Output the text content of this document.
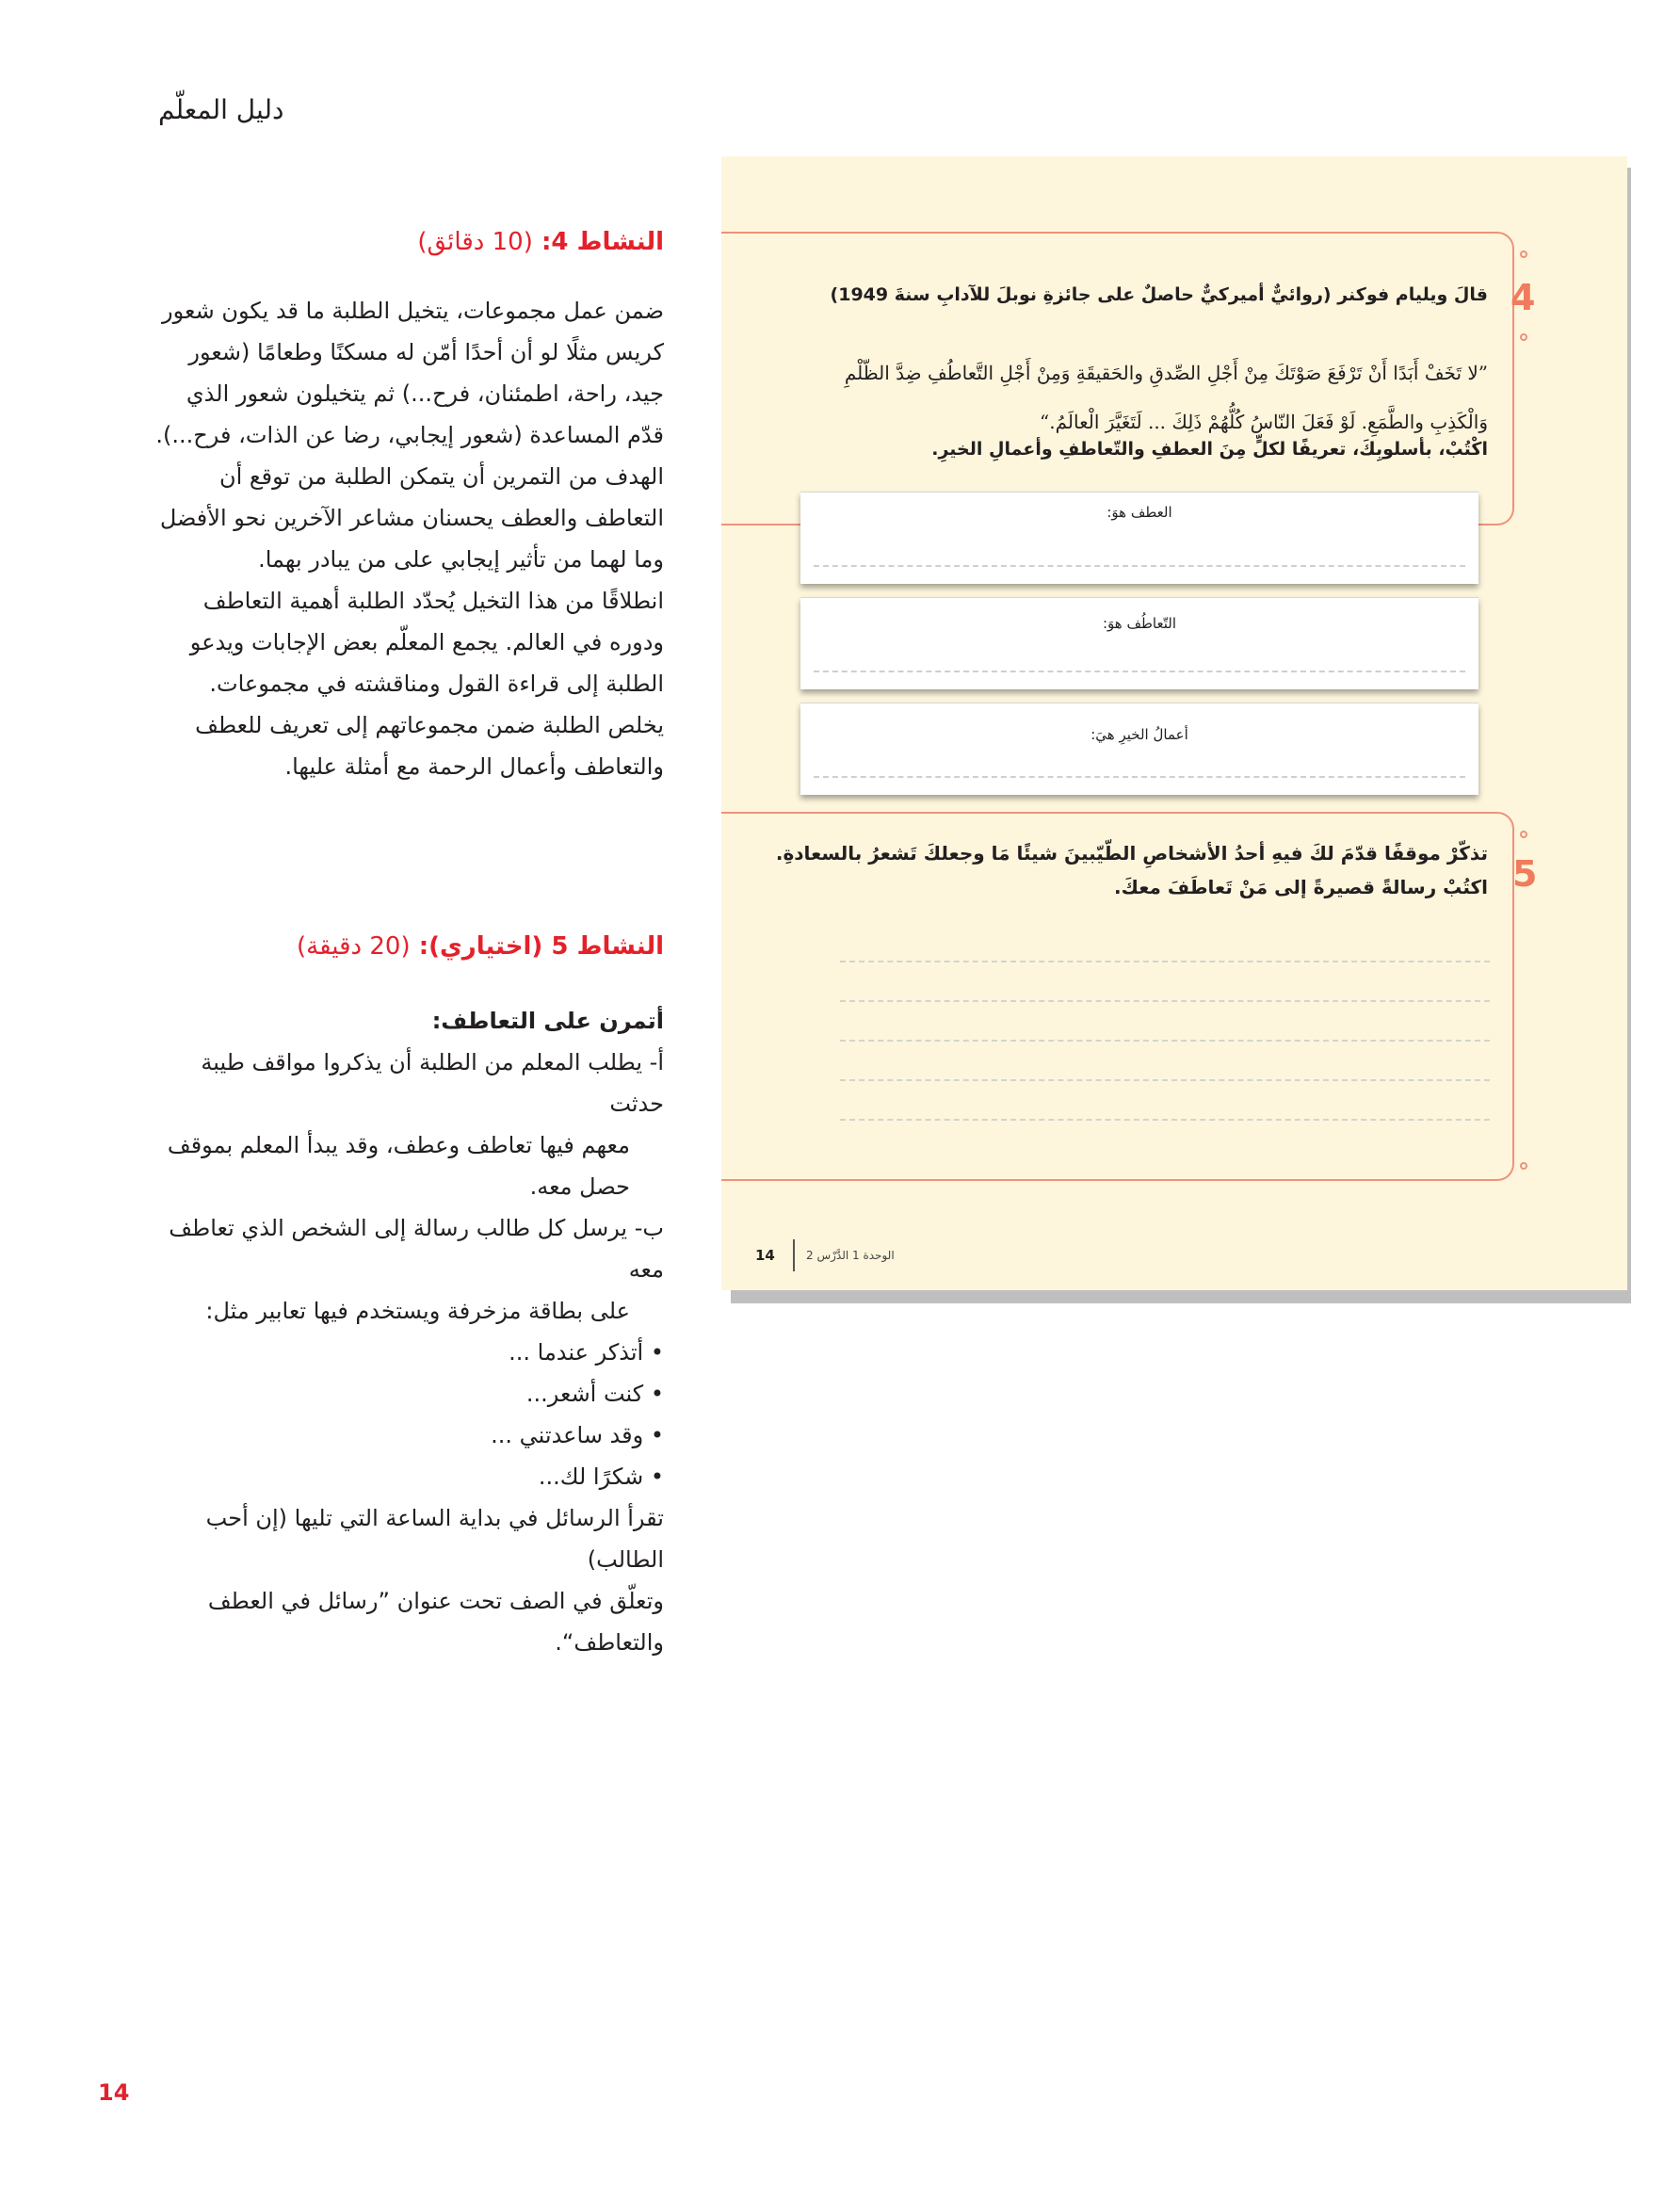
دليل المعلّم
النشاط 4: (10 دقائق)

ضمن عمل مجموعات، يتخيل الطلبة ما قد يكون شعور كريس مثلًا لو أن أحدًا أمّن له مسكنًا وطعامًا (شعور جيد، راحة، اطمئنان، فرح...) ثم يتخيلون شعور الذي قدّم المساعدة (شعور إيجابي، رضا عن الذات، فرح...).

الهدف من التمرين أن يتمكن الطلبة من توقع أن التعاطف والعطف يحسنان مشاعر الآخرين نحو الأفضل وما لهما من تأثير إيجابي على من يبادر بهما.

انطلاقًا من هذا التخيل يُحدّد الطلبة أهمية التعاطف ودوره في العالم. يجمع المعلّم بعض الإجابات ويدعو الطلبة إلى قراءة القول ومناقشته في مجموعات.

يخلص الطلبة ضمن مجموعاتهم إلى تعريف للعطف والتعاطف وأعمال الرحمة مع أمثلة عليها.

النشاط 5 (اختياري): (20 دقيقة)
أتمرن على التعاطف:
أ- يطلب المعلم من الطلبة أن يذكروا مواقف طيبة حدثت
معهم فيها تعاطف وعطف، وقد يبدأ المعلم بموقف
حصل معه.
ب- يرسل كل طالب رسالة إلى الشخص الذي تعاطف معه
على بطاقة مزخرفة ويستخدم فيها تعابير مثل:
• أتذكر عندما ...
• كنت أشعر...
• وقد ساعدتني ...
• شكرًا لك...
تقرأ الرسائل في بداية الساعة التي تليها (إن أحب الطالب)
وتعلّق في الصف تحت عنوان ”رسائل في العطف
والتعاطف“.
14
4
قالَ ويليام فوكنر (روائيٌّ أميركيٌّ حاصلٌ على جائزةِ نوبلَ للآدابِ سنةَ 1949)
”لا تَخَفْ أَبَدًا أَنْ تَرْفَعَ صَوْتَكَ مِنْ أَجْلِ الصِّدقِ والحَقيقَةِ وَمِنْ أَجْلِ التَّعاطُفِ ضِدَّ الظّلْمِ
وَالْكَذِبِ والطَّمَعِ. لَوْ فَعَلَ النّاسُ كُلُّهُمْ ذَلِكَ ... لَتَغَيَّرَ الْعالَمُ.“
اكْتُبْ، بأسلوبِكَ، تعريفًا لكلٍّ مِنَ العطفِ والتّعاطفِ وأعمالِ الخيرِ.
العطف هوَ:
التّعاطُف هوَ:
أعمالُ الخيرِ هيَ:
5
تذكّرْ موقفًا قدّمَ لكَ فيهِ أحدُ الأشخاصِ الطّيّبينَ شيئًا مَا وجعلكَ تَشعرُ بالسعادةِ.
اكتُبْ رسالةً قصيرةً إلى مَنْ تَعاطَفَ معكَ.
14	الوحدة 1 الدَّرْس 2
